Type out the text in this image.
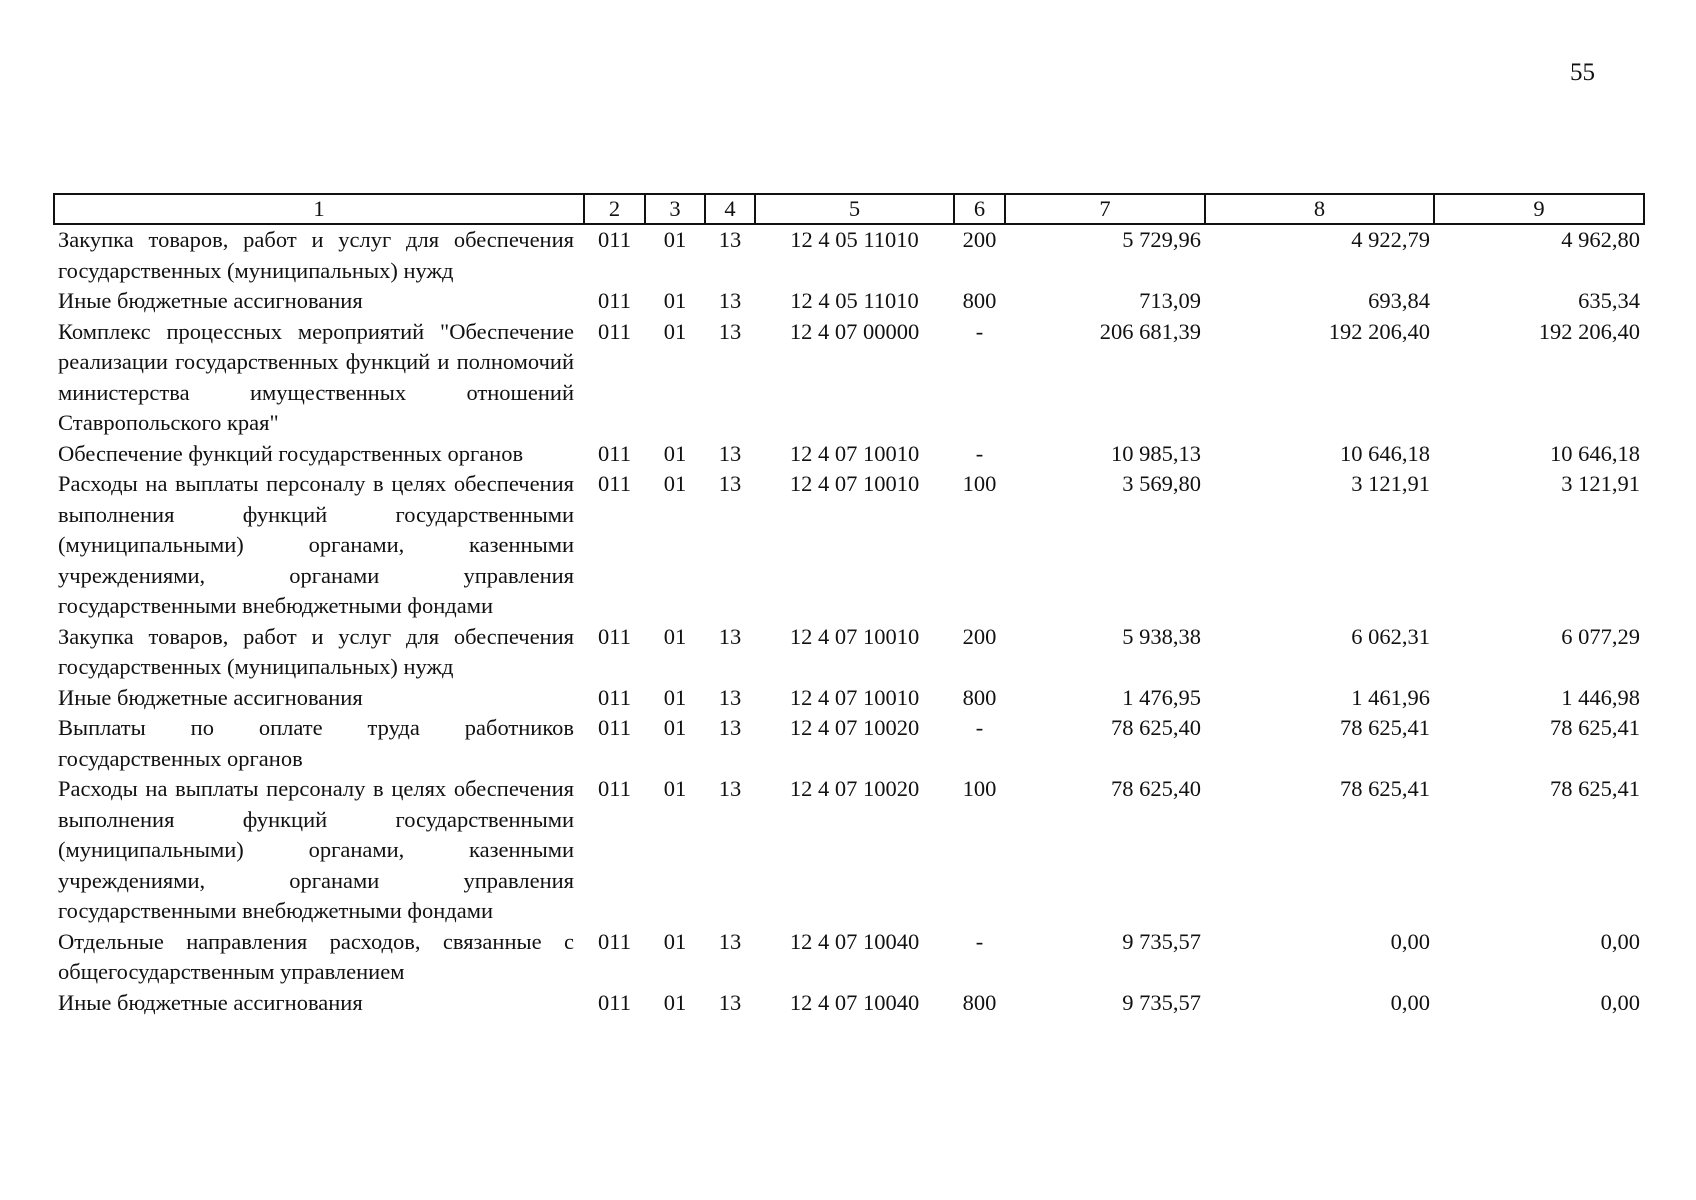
55
1	2	3	4	5	6	7	8	9
Закупка товаров, работ и услуг для обеспечения государственных (муниципальных) нужд	011	01	13	12 4 05 11010	200	5 729,96	4 922,79	4 962,80
Иные бюджетные ассигнования	011	01	13	12 4 05 11010	800	713,09	693,84	635,34
Комплекс процессных мероприятий "Обеспечение реализации государственных функций и полномочий министерства имущественных отношений Ставропольского края"	011	01	13	12 4 07 00000	-	206 681,39	192 206,40	192 206,40
Обеспечение функций государственных органов	011	01	13	12 4 07 10010	-	10 985,13	10 646,18	10 646,18
Расходы на выплаты персоналу в целях обеспечения выполнения функций государственными (муниципальными) органами, казенными учреждениями, органами управления государственными внебюджетными фондами	011	01	13	12 4 07 10010	100	3 569,80	3 121,91	3 121,91
Закупка товаров, работ и услуг для обеспечения государственных (муниципальных) нужд	011	01	13	12 4 07 10010	200	5 938,38	6 062,31	6 077,29
Иные бюджетные ассигнования	011	01	13	12 4 07 10010	800	1 476,95	1 461,96	1 446,98
Выплаты по оплате труда работников государственных органов	011	01	13	12 4 07 10020	-	78 625,40	78 625,41	78 625,41
Расходы на выплаты персоналу в целях обеспечения выполнения функций государственными (муниципальными) органами, казенными учреждениями, органами управления государственными внебюджетными фондами	011	01	13	12 4 07 10020	100	78 625,40	78 625,41	78 625,41
Отдельные направления расходов, связанные с общегосударственным управлением	011	01	13	12 4 07 10040	-	9 735,57	0,00	0,00
Иные бюджетные ассигнования	011	01	13	12 4 07 10040	800	9 735,57	0,00	0,00
